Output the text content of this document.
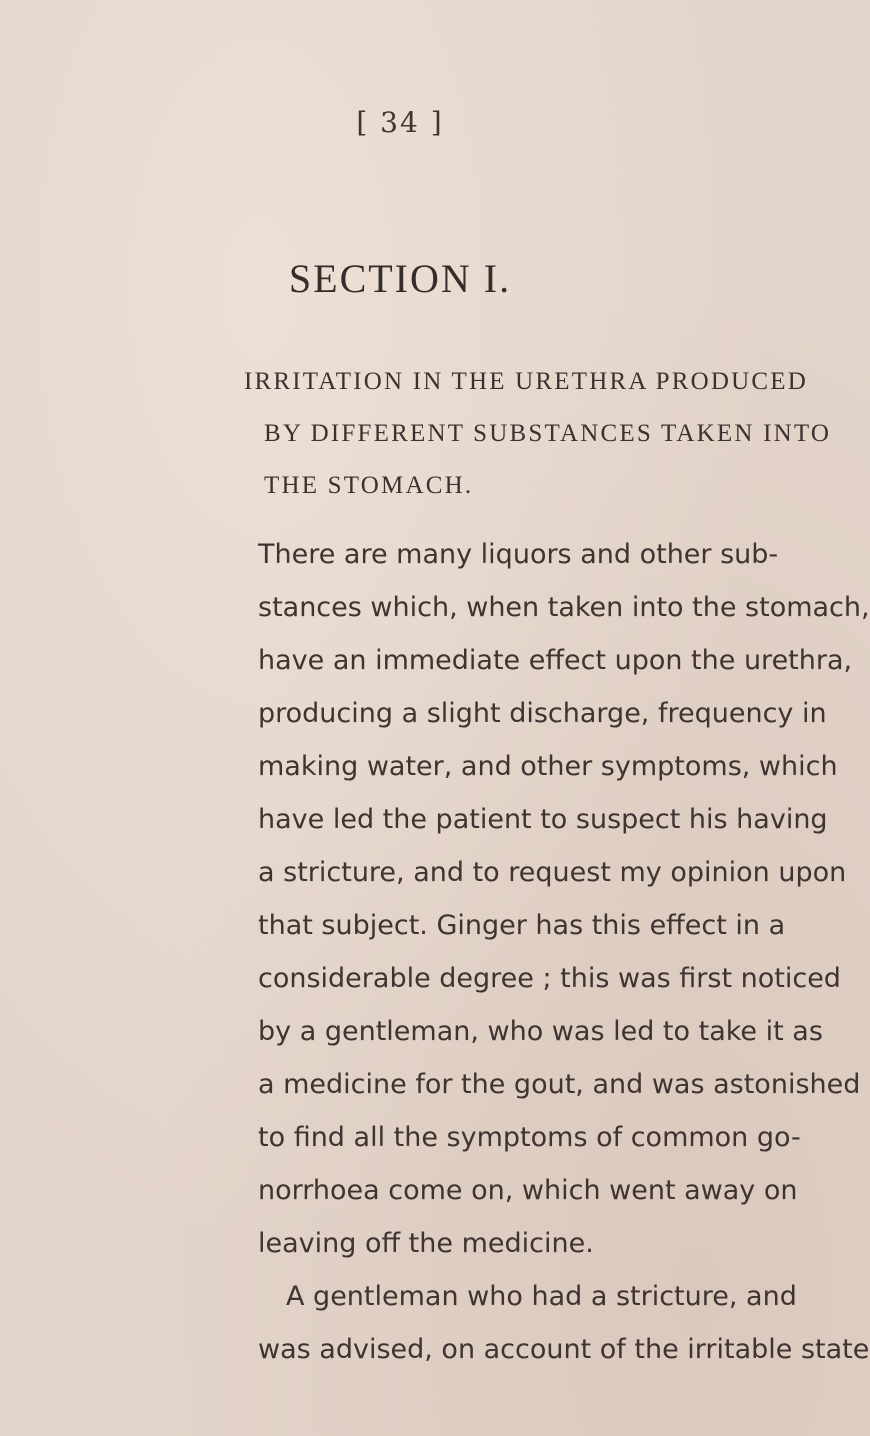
[ 34 ]
SECTION I.
IRRITATION IN THE URETHRA PRODUCED
BY DIFFERENT SUBSTANCES TAKEN INTO
THE STOMACH.
There are many liquors and other sub-
stances which, when taken into the stomach,
have an immediate effect upon the urethra,
producing a slight discharge, frequency in
making water, and other symptoms, which
have led the patient to suspect his having
a stricture, and to request my opinion upon
that subject. Ginger has this effect in a
considerable degree ; this was first noticed
by a gentleman, who was led to take it as
a medicine for the gout, and was astonished
to find all the symptoms of common go-
norrhoea come on, which went away on
leaving off the medicine.
A gentleman who had a stricture, and
was advised, on account of the irritable state
